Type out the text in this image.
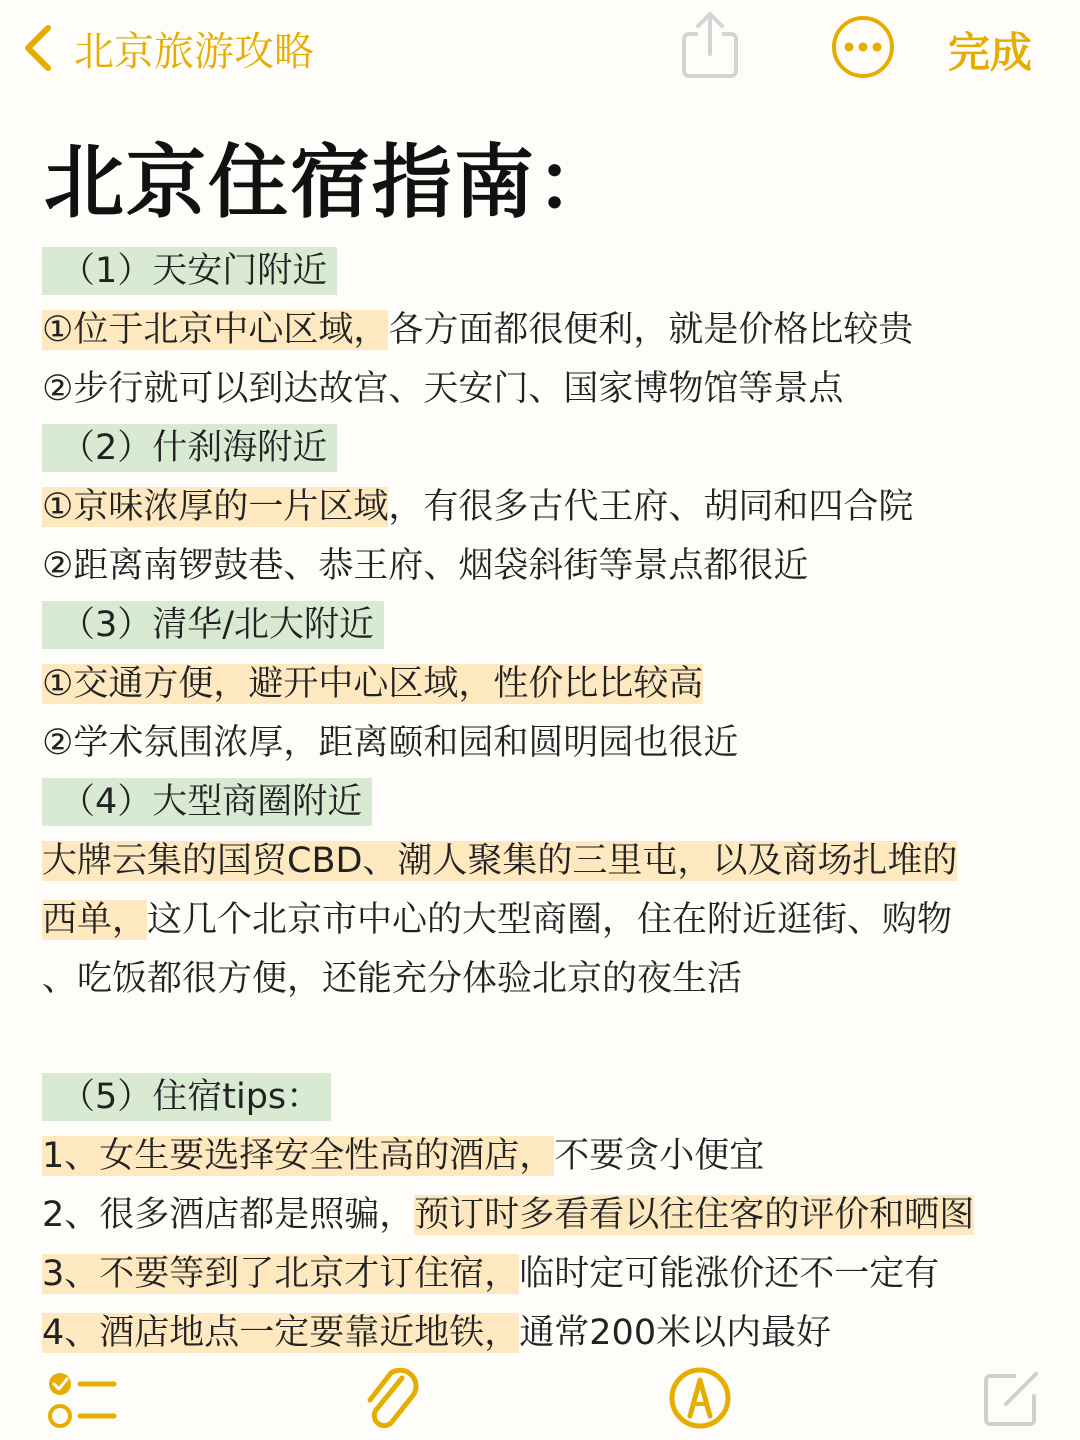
北京旅游攻略	完成
北京住宿指南：
（1）天安门附近
①位于北京中心区域，各方面都很便利，就是价格比较贵
②步行就可以到达故宫、天安门、国家博物馆等景点
（2）什刹海附近
①京味浓厚的一片区域，有很多古代王府、胡同和四合院
②距离南锣鼓巷、恭王府、烟袋斜街等景点都很近
（3）清华/北大附近
①交通方便，避开中心区域，性价比比较高
②学术氛围浓厚，距离颐和园和圆明园也很近
（4）大型商圈附近
大牌云集的国贸CBD、潮人聚集的三里屯，以及商场扎堆的
西单，这几个北京市中心的大型商圈，住在附近逛街、购物
、吃饭都很方便，还能充分体验北京的夜生活
（5）住宿tips：
1、女生要选择安全性高的酒店，不要贪小便宜
2、很多酒店都是照骗，预订时多看看以往住客的评价和晒图
3、不要等到了北京才订住宿，临时定可能涨价还不一定有
4、酒店地点一定要靠近地铁，通常200米以内最好
